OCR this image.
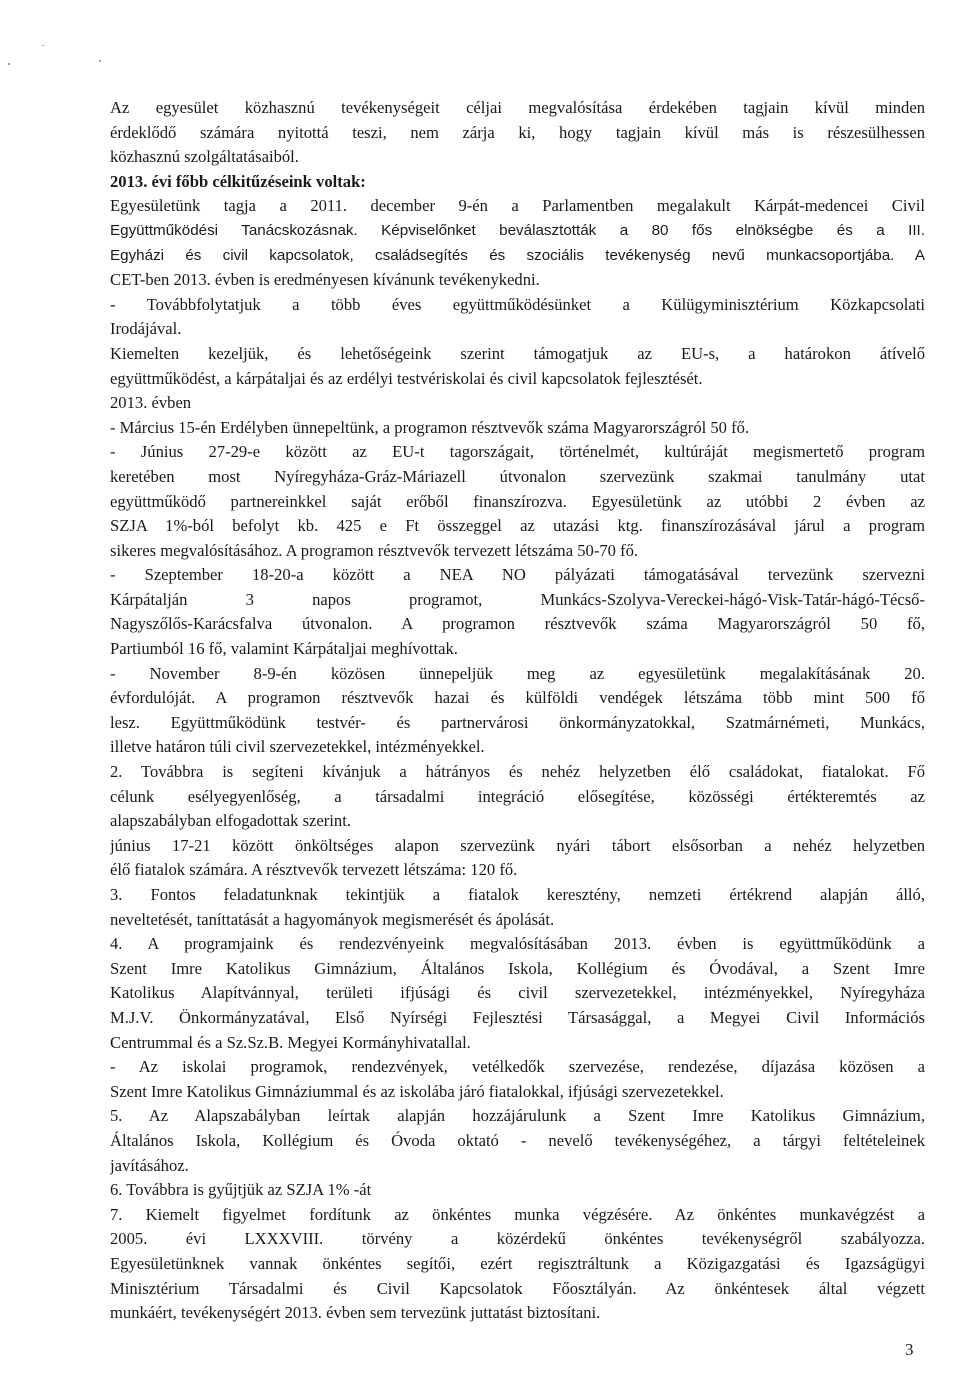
Az egyesület közhasznú tevékenységeit céljai megvalósítása érdekében tagjain kívül minden
érdeklődő számára nyitottá teszi, nem zárja ki, hogy tagjain kívül más is részesülhessen
közhasznú szolgáltatásaiból.
2013. évi főbb célkitűzéseink voltak:
Egyesületünk tagja a 2011. december 9-én a Parlamentben megalakult Kárpát-medencei Civil
Együttműködési Tanácskozásnak. Képviselőnket beválasztották a 80 fős elnökségbe és a III.
Egyházi és civil kapcsolatok, családsegítés és szociális tevékenység nevű munkacsoportjába. A
CET-ben 2013. évben is eredményesen kívánunk tevékenykedni.
- Továbbfolytatjuk a több éves együttműködésünket a Külügyminisztérium Közkapcsolati
Irodájával.
Kiemelten kezeljük, és lehetőségeink szerint támogatjuk az EU-s, a határokon átívelő
együttműködést, a kárpátaljai és az erdélyi testvériskolai és civil kapcsolatok fejlesztését.
2013. évben
- Március 15-én Erdélyben ünnepeltünk, a programon résztvevők száma Magyarországról 50 fő.
- Június 27-29-e között az EU-t tagországait, történelmét, kultúráját megismertető program
keretében most Nyíregyháza-Gráz-Máriazell útvonalon szervezünk szakmai tanulmány utat
együttműködő partnereinkkel saját erőből finanszírozva. Egyesületünk az utóbbi 2 évben az
SZJA 1%-ból befolyt kb. 425 e Ft összeggel az utazási ktg. finanszírozásával járul a program
sikeres megvalósításához. A programon résztvevők tervezett létszáma 50-70 fő.
- Szeptember 18-20-a között a NEA NO pályázati támogatásával tervezünk szervezni
Kárpátalján 3 napos programot, Munkács-Szolyva-Vereckei-hágó-Visk-Tatár-hágó-Técső-
Nagyszőlős-Karácsfalva útvonalon. A programon résztvevők száma Magyarországról 50 fő,
Partiumból 16 fő, valamint Kárpátaljai meghívottak.
- November 8-9-én közösen ünnepeljük meg az egyesületünk megalakításának 20.
évfordulóját. A programon résztvevők hazai és külföldi vendégek létszáma több mint 500 fő
lesz. Együttműködünk testvér- és partnervárosi önkormányzatokkal, Szatmárnémeti, Munkács,
illetve határon túli civil szervezetekkel, intézményekkel.
2. Továbbra is segíteni kívánjuk a hátrányos és nehéz helyzetben élő családokat, fiatalokat. Fő
célunk esélyegyenlőség, a társadalmi integráció elősegítése, közösségi értékteremtés az
alapszabályban elfogadottak szerint.
június 17-21 között önköltséges alapon szervezünk nyári tábort elsősorban a nehéz helyzetben
élő fiatalok számára. A résztvevők tervezett létszáma: 120 fő.
3. Fontos feladatunknak tekintjük a fiatalok keresztény, nemzeti értékrend alapján álló,
neveltetését, taníttatását a hagyományok megismerését és ápolását.
4. A programjaink és rendezvényeink megvalósításában 2013. évben is együttműködünk a
Szent Imre Katolikus Gimnázium, Általános Iskola, Kollégium és Óvodával, a Szent Imre
Katolikus Alapítvánnyal, területi ifjúsági és civil szervezetekkel, intézményekkel, Nyíregyháza
M.J.V. Önkormányzatával, Első Nyírségi Fejlesztési Társasággal, a Megyei Civil Információs
Centrummal és a Sz.Sz.B. Megyei Kormányhivatallal.
- Az iskolai programok, rendezvények, vetélkedők szervezése, rendezése, díjazása közösen a
Szent Imre Katolikus Gimnáziummal és az iskolába járó fiatalokkal, ifjúsági szervezetekkel.
5. Az Alapszabályban leírtak alapján hozzájárulunk a Szent Imre Katolikus Gimnázium,
Általános Iskola, Kollégium és Óvoda oktató - nevelő tevékenységéhez, a tárgyi feltételeinek
javításához.
6. Továbbra is gyűjtjük az SZJA 1% -át
7. Kiemelt figyelmet fordítunk az önkéntes munka végzésére. Az önkéntes munkavégzést a
2005. évi LXXXVIII. törvény a közérdekű önkéntes tevékenységről szabályozza.
Egyesületünknek vannak önkéntes segítői, ezért regisztráltunk a Közigazgatási és Igazságügyi
Minisztérium Társadalmi és Civil Kapcsolatok Főosztályán. Az önkéntesek által végzett
munkáért, tevékenységért 2013. évben sem tervezünk juttatást biztosítani.
3
